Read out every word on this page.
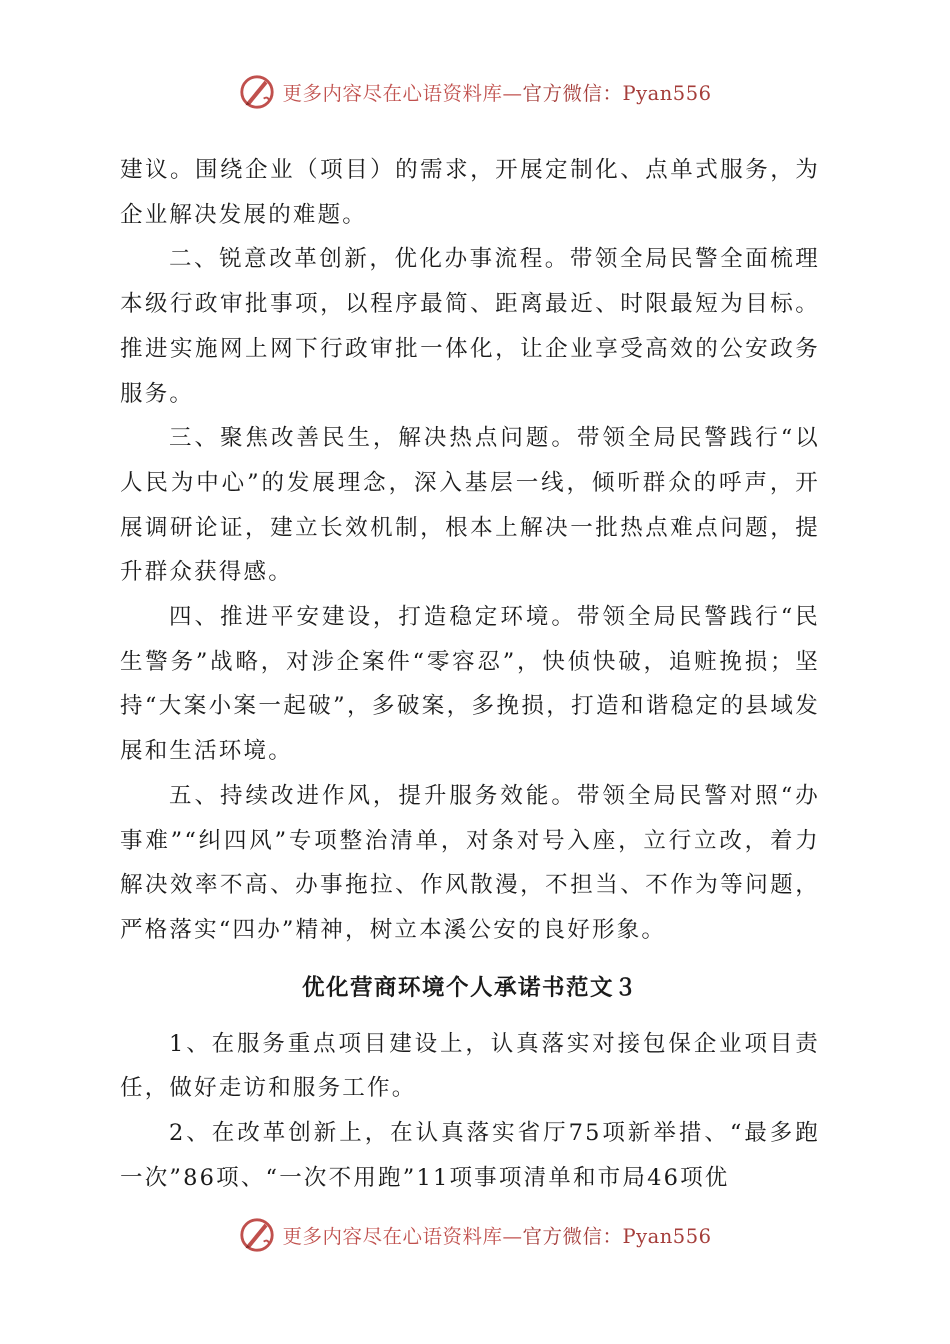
更多内容尽在心语资料库—官方微信：Pyan556

建议。围绕企业（项目）的需求，开展定制化、点单式服务，为企业解决发展的难题。

二、锐意改革创新，优化办事流程。带领全局民警全面梳理本级行政审批事项，以程序最简、距离最近、时限最短为目标。推进实施网上网下行政审批一体化，让企业享受高效的公安政务服务。

三、聚焦改善民生，解决热点问题。带领全局民警践行“以人民为中心”的发展理念，深入基层一线，倾听群众的呼声，开展调研论证，建立长效机制，根本上解决一批热点难点问题，提升群众获得感。

四、推进平安建设，打造稳定环境。带领全局民警践行“民生警务”战略，对涉企案件“零容忍”，快侦快破，追赃挽损；坚持“大案小案一起破”，多破案，多挽损，打造和谐稳定的县域发展和生活环境。

五、持续改进作风，提升服务效能。带领全局民警对照“办事难”“纠四风”专项整治清单，对条对号入座，立行立改，着力解决效率不高、办事拖拉、作风散漫，不担当、不作为等问题，严格落实“四办”精神，树立本溪公安的良好形象。

优化营商环境个人承诺书范文３

1、在服务重点项目建设上，认真落实对接包保企业项目责任，做好走访和服务工作。

2、在改革创新上，在认真落实省厅75项新举措、“最多跑一次”86项、“一次不用跑”11项事项清单和市局46项优

更多内容尽在心语资料库—官方微信：Pyan556
